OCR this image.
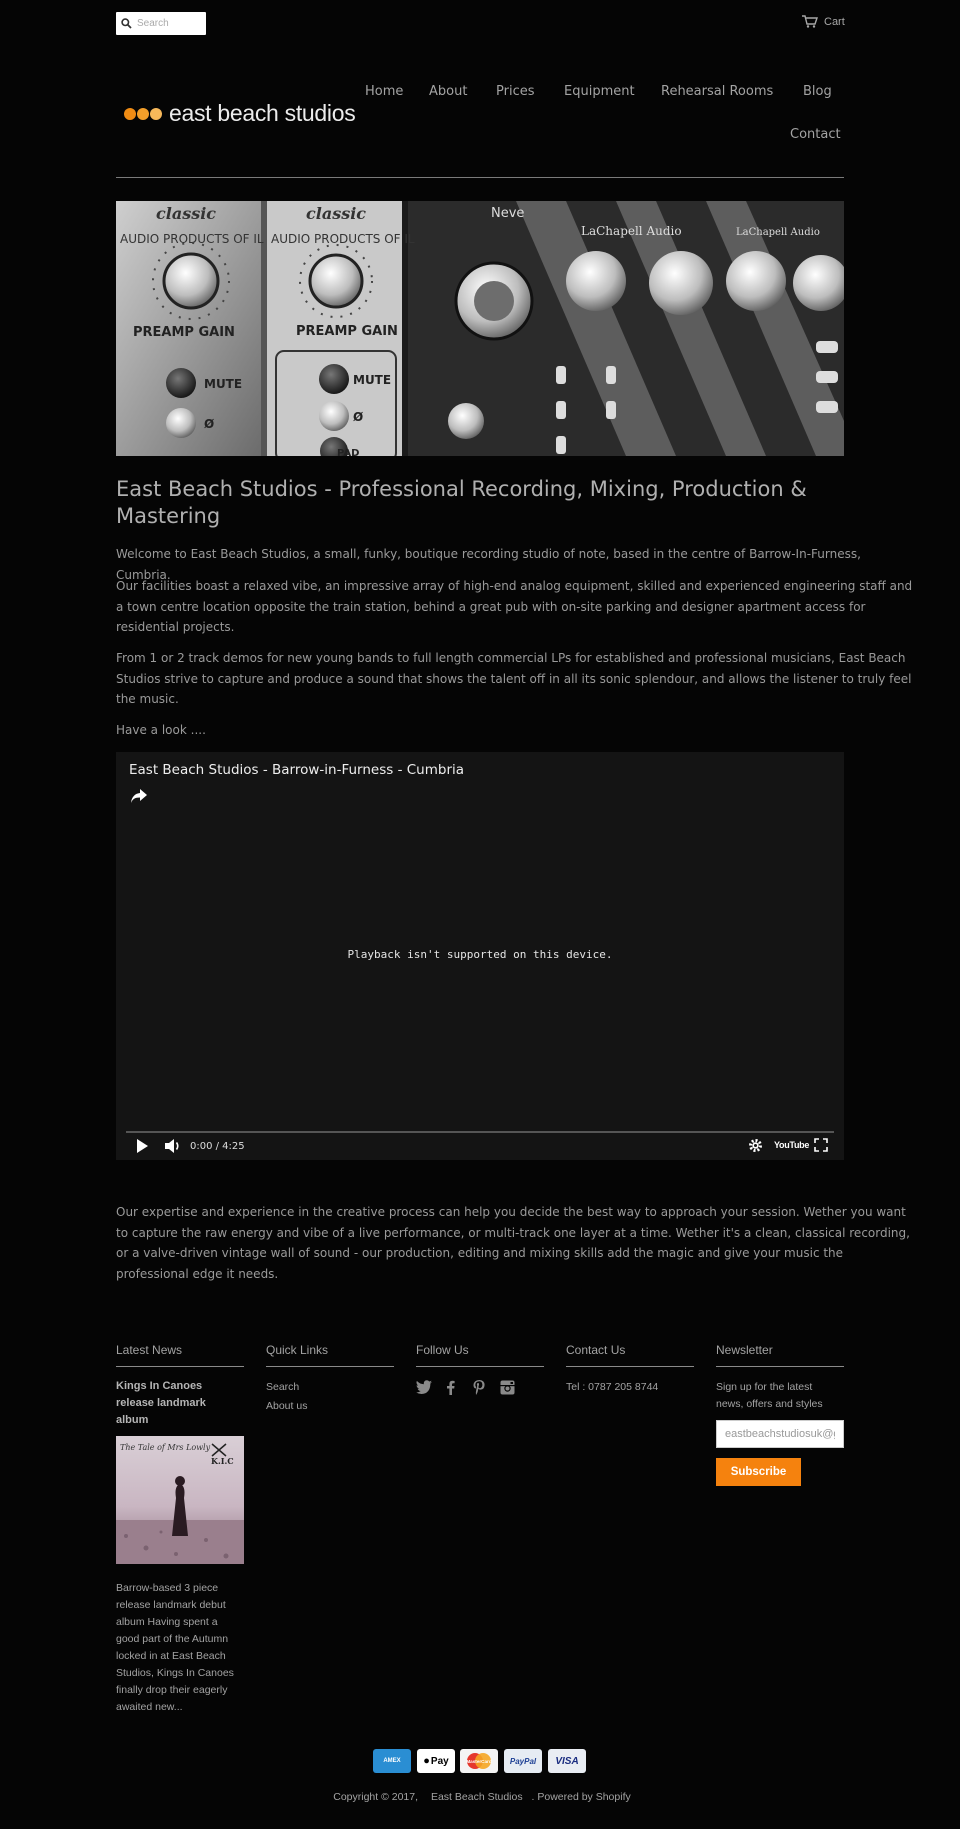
Search
Cart
east beach studios
Home About Prices Equipment Rehearsal Rooms Blog
Contact
classic
AUDIO PRODUCTS OF IL
classic
AUDIO PRODUCTS OF IL
PREAMP GAIN	PREAMP GAIN
MUTE
Ø
MUTE
Ø
PAD
Neve
LaChapell Audio	LaChapell Audio
East Beach Studios - Professional Recording, Mixing, Production & Mastering

Welcome to East Beach Studios, a small, funky, boutique recording studio of note, based in the centre of Barrow-In-Furness, Cumbria.

Our facilities boast a relaxed vibe, an impressive array of high-end analog equipment, skilled and experienced engineering staff and a town centre location opposite the train station, behind a great pub with on-site parking and designer apartment access for residential projects.

From 1 or 2 track demos for new young bands to full length commercial LPs for established and professional musicians, East Beach Studios strive to capture and produce a sound that shows the talent off in all its sonic splendour, and allows the listener to truly feel the music.

Have a look ....

East Beach Studios - Barrow-in-Furness - Cumbria
Playback isn't supported on this device.
0:00 / 4:25	YouTube

Our expertise and experience in the creative process can help you decide the best way to approach your session. Wether you want to capture the raw energy and vibe of a live performance, or multi-track one layer at a time. Wether it's a clean, classical recording, or a valve-driven vintage wall of sound - our production, editing and mixing skills add the magic and give your music the professional edge it needs.

Latest News
Kings In Canoes release landmark album
The Tale of Mrs Lowly
K.I.C
Barrow-based 3 piece release landmark debut album Having spent a good part of the Autumn locked in at East Beach Studios, Kings In Canoes finally drop their eagerly awaited new...
Quick Links
Search
About us
Follow Us	Contact Us
Tel : 0787 205 8744
Newsletter
Sign up for the latest news, offers and styles
eastbeachstudiosuk@gmail.com
Subscribe
AMEX ● Pay	MasterCard PayPal VISA
Copyright © 2017, East Beach Studios . Powered by Shopify
